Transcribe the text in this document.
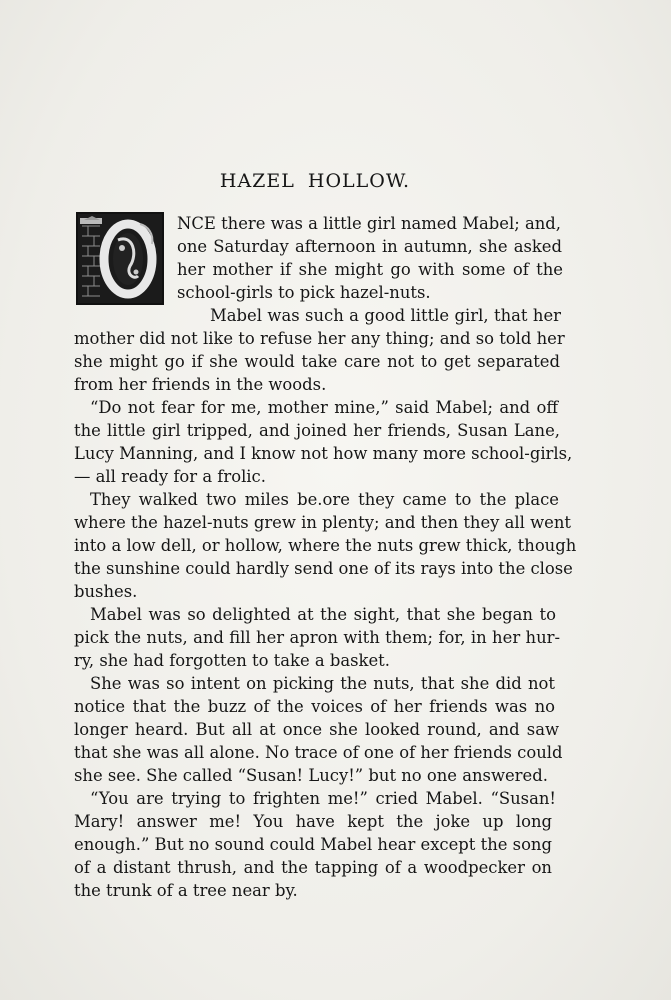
HAZEL HOLLOW.
NCE there was a little girl named Mabel; and,
one Saturday afternoon in autumn, she asked
her mother if she might go with some of the
school-girls to pick hazel-nuts.
Mabel was such a good little girl, that her
mother did not like to refuse her any thing; and so told her
she might go if she would take care not to get separated
from her friends in the woods.
“Do not fear for me, mother mine,” said Mabel; and off
the little girl tripped, and joined her friends, Susan Lane,
Lucy Manning, and I know not how many more school-girls,
— all ready for a frolic.
They walked two miles be.ore they came to the place
where the hazel-nuts grew in plenty; and then they all went
into a low dell, or hollow, where the nuts grew thick, though
the sunshine could hardly send one of its rays into the close
bushes.
Mabel was so delighted at the sight, that she began to
pick the nuts, and fill her apron with them; for, in her hur-
ry, she had forgotten to take a basket.
She was so intent on picking the nuts, that she did not
notice that the buzz of the voices of her friends was no
longer heard. But all at once she looked round, and saw
that she was all alone. No trace of one of her friends could
she see. She called “Susan! Lucy!” but no one answered.
“You are trying to frighten me!” cried Mabel. “Susan!
Mary! answer me! You have kept the joke up long
enough.” But no sound could Mabel hear except the song
of a distant thrush, and the tapping of a woodpecker on
the trunk of a tree near by.
